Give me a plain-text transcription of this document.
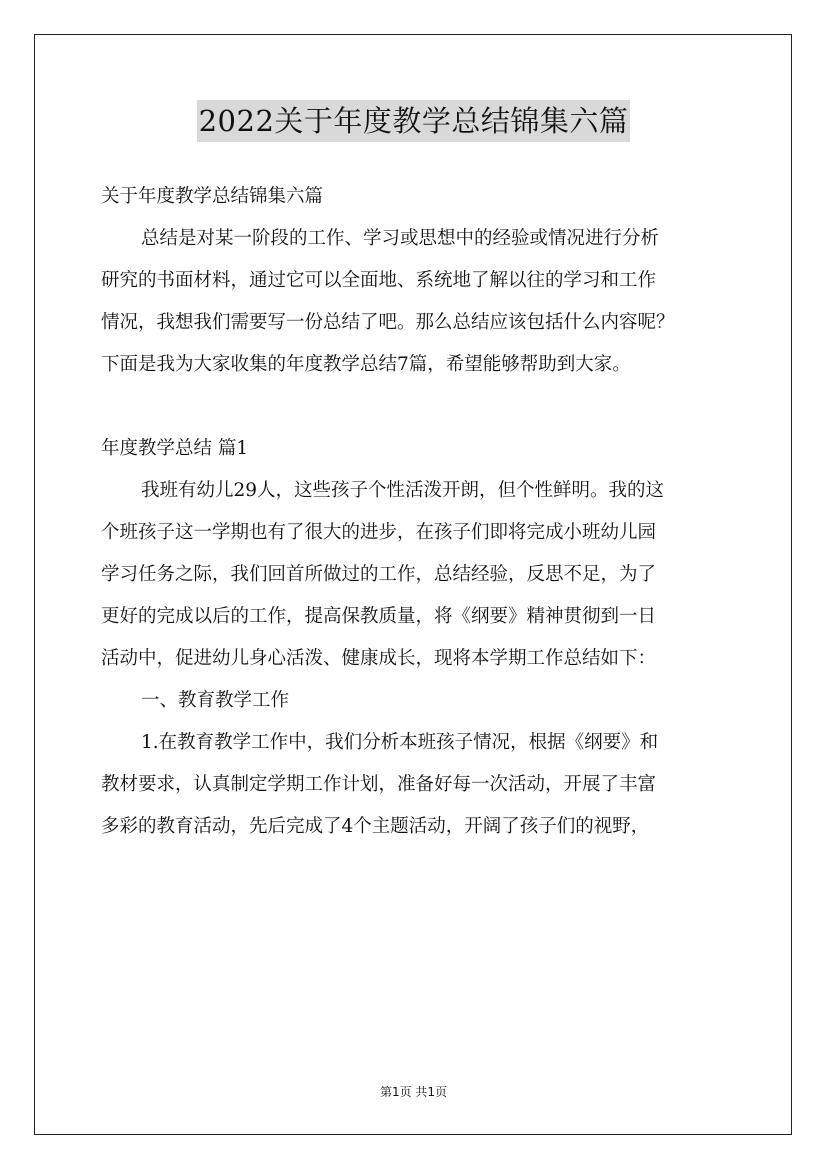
2022关于年度教学总结锦集六篇
关于年度教学总结锦集六篇
总结是对某一阶段的工作、学习或思想中的经验或情况进行分析
研究的书面材料，通过它可以全面地、系统地了解以往的学习和工作
情况，我想我们需要写一份总结了吧。那么总结应该包括什么内容呢？
下面是我为大家收集的年度教学总结7篇，希望能够帮助到大家。
年度教学总结 篇1
我班有幼儿29人，这些孩子个性活泼开朗，但个性鲜明。我的这
个班孩子这一学期也有了很大的进步，在孩子们即将完成小班幼儿园
学习任务之际，我们回首所做过的工作，总结经验，反思不足，为了
更好的完成以后的工作，提高保教质量，将《纲要》精神贯彻到一日
活动中，促进幼儿身心活泼、健康成长，现将本学期工作总结如下：
一、教育教学工作
1.在教育教学工作中，我们分析本班孩子情况，根据《纲要》和
教材要求，认真制定学期工作计划，准备好每一次活动，开展了丰富
多彩的教育活动，先后完成了4个主题活动，开阔了孩子们的视野，
第1页 共1页
